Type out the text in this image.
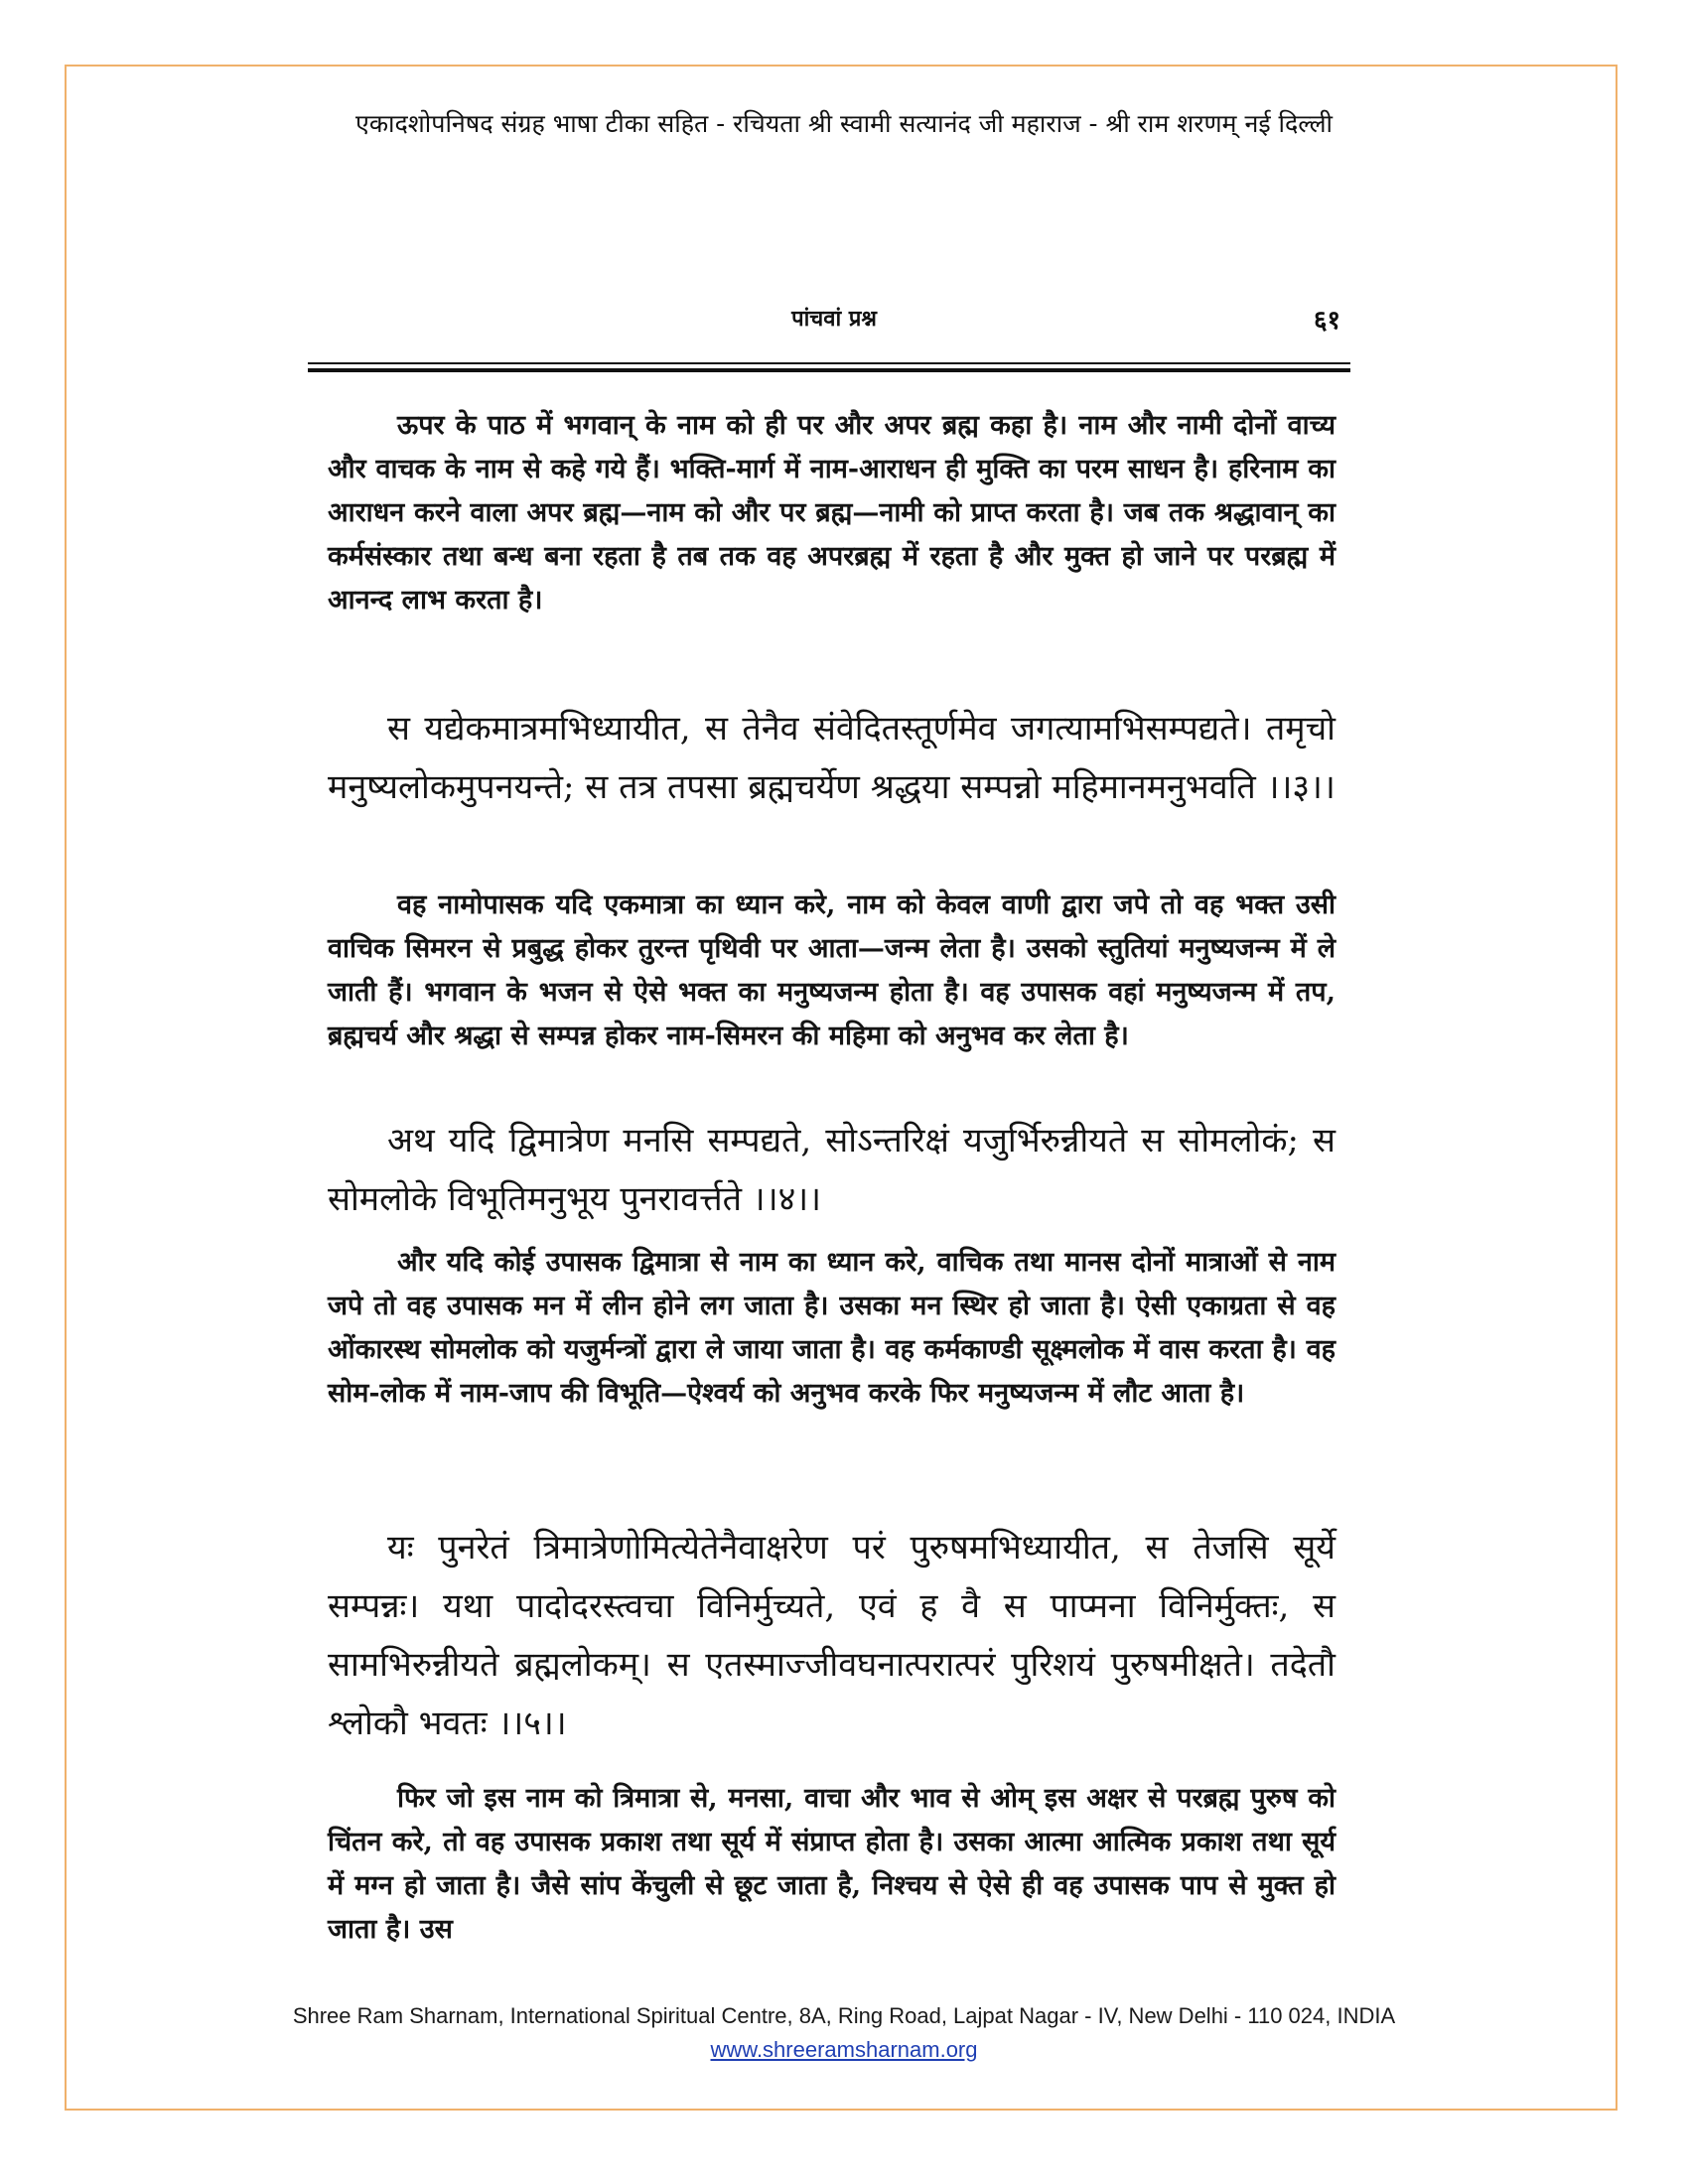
एकादशोपनिषद संग्रह भाषा टीका सहित - रचियता श्री स्वामी सत्यानंद जी महाराज - श्री राम शरणम् नई दिल्ली
पांचवां प्रश्न	६१
ऊपर के पाठ में भगवान् के नाम को ही पर और अपर ब्रह्म कहा है। नाम और नामी दोनों वाच्य और वाचक के नाम से कहे गये हैं। भक्ति-मार्ग में नाम-आराधन ही मुक्ति का परम साधन है। हरिनाम का आराधन करने वाला अपर ब्रह्म—नाम को और पर ब्रह्म—नामी को प्राप्त करता है। जब तक श्रद्धावान् का कर्मसंस्कार तथा बन्ध बना रहता है तब तक वह अपरब्रह्म में रहता है और मुक्त हो जाने पर परब्रह्म में आनन्द लाभ करता है।
स यद्येकमात्रमभिध्यायीत, स तेनैव संवेदितस्तूर्णमेव जगत्यामभिसम्पद्यते। तमृचो मनुष्यलोकमुपनयन्ते; स तत्र तपसा ब्रह्मचर्येण श्रद्धया सम्पन्नो महिमानमनुभवति ।।३।।
वह नामोपासक यदि एकमात्रा का ध्यान करे, नाम को केवल वाणी द्वारा जपे तो वह भक्त उसी वाचिक सिमरन से प्रबुद्ध होकर तुरन्त पृथिवी पर आता—जन्म लेता है। उसको स्तुतियां मनुष्यजन्म में ले जाती हैं। भगवान के भजन से ऐसे भक्त का मनुष्यजन्म होता है। वह उपासक वहां मनुष्यजन्म में तप, ब्रह्मचर्य और श्रद्धा से सम्पन्न होकर नाम-सिमरन की महिमा को अनुभव कर लेता है।
अथ यदि द्विमात्रेण मनसि सम्पद्यते, सोऽन्तरिक्षं यजुर्भिरुन्नीयते स सोमलोकं; स सोमलोके विभूतिमनुभूय पुनरावर्त्तते ।।४।।
और यदि कोई उपासक द्विमात्रा से नाम का ध्यान करे, वाचिक तथा मानस दोनों मात्राओं से नाम जपे तो वह उपासक मन में लीन होने लग जाता है। उसका मन स्थिर हो जाता है। ऐसी एकाग्रता से वह ओंकारस्थ सोमलोक को यजुर्मन्त्रों द्वारा ले जाया जाता है। वह कर्मकाण्डी सूक्ष्मलोक में वास करता है। वह सोम-लोक में नाम-जाप की विभूति—ऐश्वर्य को अनुभव करके फिर मनुष्यजन्म में लौट आता है।
यः पुनरेतं त्रिमात्रेणोमित्येतेनैवाक्षरेण परं पुरुषमभिध्यायीत, स तेजसि सूर्ये सम्पन्नः। यथा पादोदरस्त्वचा विनिर्मुच्यते, एवं ह वै स पाप्मना विनिर्मुक्तः, स सामभिरुन्नीयते ब्रह्मलोकम्। स एतस्माज्जीवघनात्परात्परं पुरिशयं पुरुषमीक्षते। तदेतौ श्लोकौ भवतः ।।५।।
फिर जो इस नाम को त्रिमात्रा से, मनसा, वाचा और भाव से ओम् इस अक्षर से परब्रह्म पुरुष को चिंतन करे, तो वह उपासक प्रकाश तथा सूर्य में संप्राप्त होता है। उसका आत्मा आत्मिक प्रकाश तथा सूर्य में मग्न हो जाता है। जैसे सांप केंचुली से छूट जाता है, निश्चय से ऐसे ही वह उपासक पाप से मुक्त हो जाता है। उस
Shree Ram Sharnam, International Spiritual Centre, 8A, Ring Road, Lajpat Nagar - IV, New Delhi - 110 024, INDIA
www.shreeramsharnam.org
